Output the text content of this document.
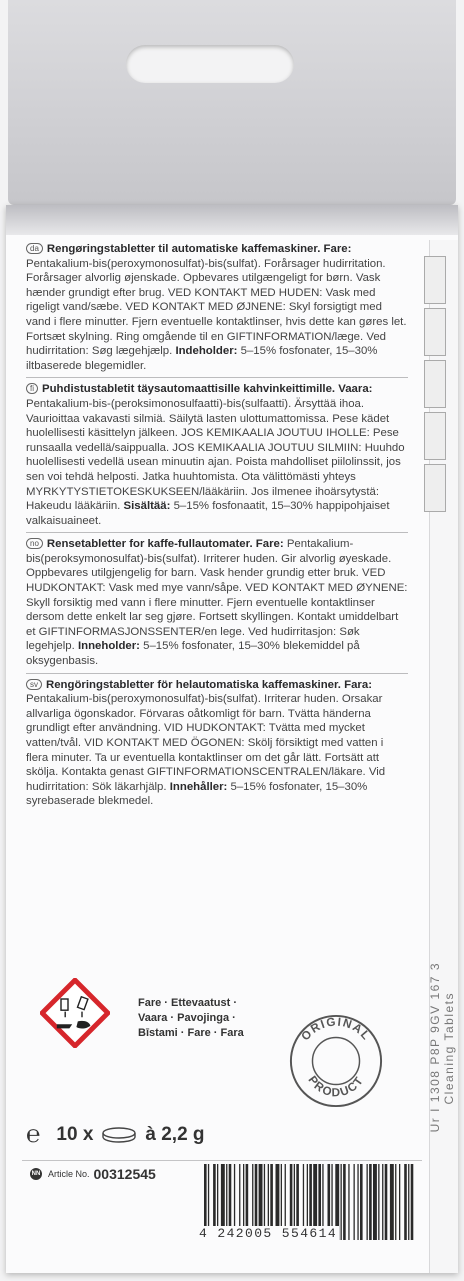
da Rengøringstabletter til automatiske kaffemaskiner. Fare: Pentakalium-bis(peroxymonosulfat)-bis(sulfat). Forårsager hudirritation. Forårsager alvorlig øjenskade. Opbevares utilgængeligt for børn. Vask hænder grundigt efter brug. VED KONTAKT MED HUDEN: Vask med rigeligt vand/sæbe. VED KONTAKT MED ØJNENE: Skyl forsigtigt med vand i flere minutter. Fjern eventuelle kontaktlinser, hvis dette kan gøres let. Fortsæt skylning. Ring omgående til en GIFTINFORMATION/læge. Ved hudirritation: Søg lægehjælp. Indeholder: 5–15% fosfonater, 15–30% iltbaserede blegemidler.
fi Puhdistustabletit täysautomaattisille kahvinkeittimille. Vaara: Pentakalium-bis-(peroksimonosulfaatti)-bis(sulfaatti). Ärsyttää ihoa. Vaurioittaa vakavasti silmiä. Säilytä lasten ulottumattomissa. Pese kädet huolellisesti käsittelyn jälkeen. JOS KEMIKAALIA JOUTUU IHOLLE: Pese runsaalla vedellä/saippualla. JOS KEMIKAALIA JOUTUU SILMIIN: Huuhdo huolellisesti vedellä usean minuutin ajan. Poista mahdolliset piilolinssit, jos sen voi tehdä helposti. Jatka huuhtomista. Ota välittömästi yhteys MYRKYTYSTIETOKESKUKSEEN/lääkäriin. Jos ilmenee ihoärsytystä: Hakeudu lääkäriin. Sisältää: 5–15% fosfonaatit, 15–30% happipohjaiset valkaisuaineet.
no Rensetabletter for kaffe-fullautomater. Fare: Pentakalium-bis(peroksymonosulfat)-bis(sulfat). Irriterer huden. Gir alvorlig øyeskade. Oppbevares utilgjengelig for barn. Vask hender grundig etter bruk. VED HUDKONTAKT: Vask med mye vann/såpe. VED KONTAKT MED ØYNENE: Skyll forsiktig med vann i flere minutter. Fjern eventuelle kontaktlinser dersom dette enkelt lar seg gjøre. Fortsett skyllingen. Kontakt umiddelbart et GIFTINFORMASJONSSENTER/en lege. Ved hudirritasjon: Søk legehjelp. Inneholder: 5–15% fosfonater, 15–30% blekemiddel på oksygenbasis.
sv Rengöringstabletter för helautomatiska kaffemaskiner. Fara: Pentakalium-bis(peroxymonosulfat)-bis(sulfat). Irriterar huden. Orsakar allvarliga ögonskador. Förvaras oåtkomligt för barn. Tvätta händerna grundligt efter användning. VID HUDKONTAKT: Tvätta med mycket vatten/tvål. VID KONTAKT MED ÖGONEN: Skölj försiktigt med vatten i flera minuter. Ta ur eventuella kontaktlinser om det går lätt. Fortsätt att skölja. Kontakta genast GIFTINFORMATIONSCENTRALEN/läkare. Vid hudirritation: Sök läkarhjälp. Innehåller: 5–15% fosfonater, 15–30% syrebaserade blekmedel.
Fare · Ettevaatust ·
Vaara · Pavojinga ·
Bīstami · Fare · Fara	ORIGINAL
PRODUCT
℮ 10 x	à 2,2 g
NN Article No. 00312545
4 242005 554614
Cleaning Tablets
Ur I 1308 P8P 9GV 167 3
